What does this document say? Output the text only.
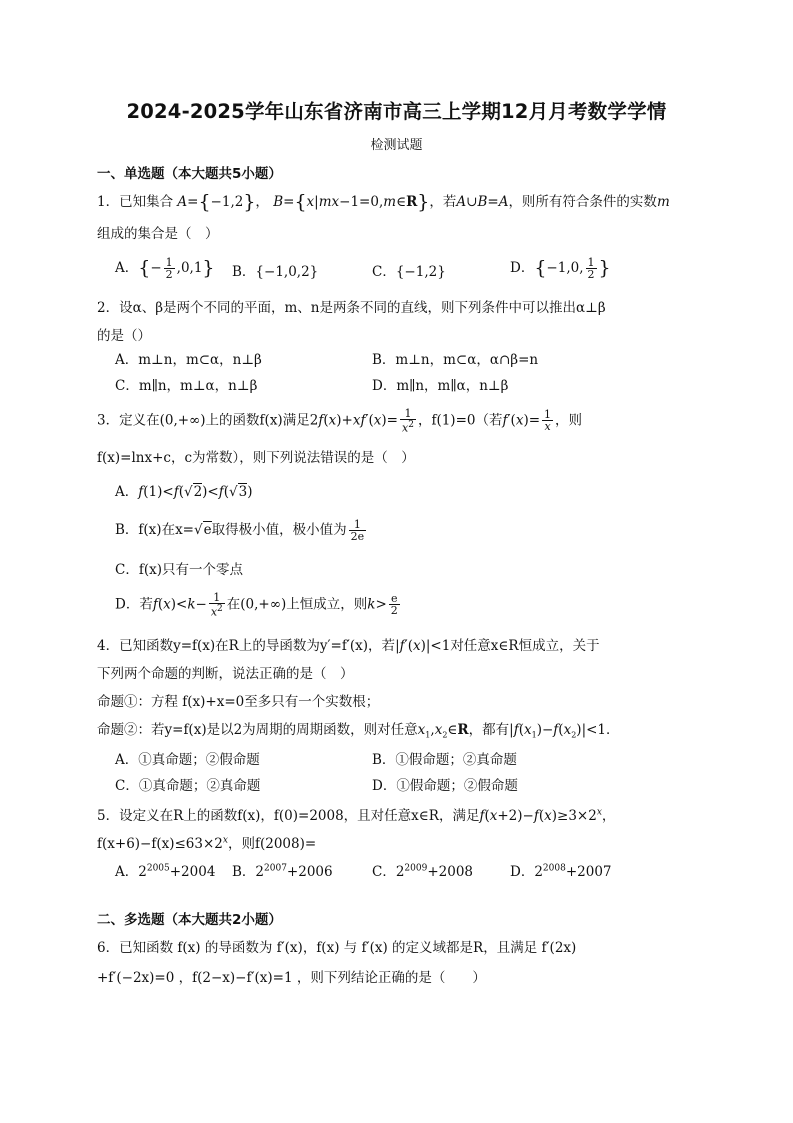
2024-2025学年山东省济南市高三上学期12月月考数学学情
检测试题
一、单选题（本大题共5小题）
1．已知集合 A={−1,2}， B={x|mx−1=0,m∈R}，若A∪B=A，则所有符合条件的实数m
组成的集合是（　）
A．{− $\frac{1}{2} ,0,1$} B．{−1,0,2}	C．{−1,2}	D．{−1,0, $\frac{1}{2}$ }
2．设α、β是两个不同的平面，m、n是两条不同的直线，则下列条件中可以推出α⊥β
的是（）
A．m⊥n，m⊂α，n⊥β	B．m⊥n，m⊂α，α∩β=n
C．m∥n，m⊥α，n⊥β	D．m∥n，m∥α，n⊥β
3．定义在(0,+∞)上的函数f(x)满足$2f(x)+xf'(x)= \frac{1}{x^2}$ ，f(1)=0（若$f'(x)= \frac{1}{x}$ ，则
f(x)=lnx+c，c为常数），则下列说法错误的是（　）
A．f(1)<f(√2)<f(√3)
B．f(x)在x=√e取得极小值，极小值为 $\frac{1}{2e}$
C．f(x)只有一个零点
D．若$f(x)<k- \frac{1}{x^2}$ 在(0,+∞)上恒成立，则$k> \frac{e}{2}$
4．已知函数y=f(x)在R上的导函数为y′=f′(x)，若|f′(x)|<1对任意x∈R恒成立，关于
下列两个命题的判断，说法正确的是（　）
命题①：方程 f(x)+x=0至多只有一个实数根；
命题②：若y=f(x)是以2为周期的周期函数，则对任意$x_1,x_2\in R$，都有$|f(x_1)-f(x_2)|<1$．
A．①真命题；②假命题	B．①假命题；②真命题
C．①真命题；②真命题	D．①假命题；②假命题
5．设定义在R上的函数f(x)，f(0)=2008，且对任意x∈R，满足$f(x+2)-f(x)\ge 3\times 2^x$，
$f(x+6)-f(x)\le 63\times 2^x$，则f(2008)=
A．$2^{2005}+2004$ B．$2^{2007}+2006$	C．$2^{2009}+2008$	D．$2^{2008}+2007$
二、多选题（本大题共2小题）
6．已知函数 f(x) 的导函数为 f′(x)，f(x) 与 f′(x) 的定义域都是R，且满足 f′(2x)
+f′(−2x)=0 ，f(2−x)−f′(x)=1 ，则下列结论正确的是（　　）
